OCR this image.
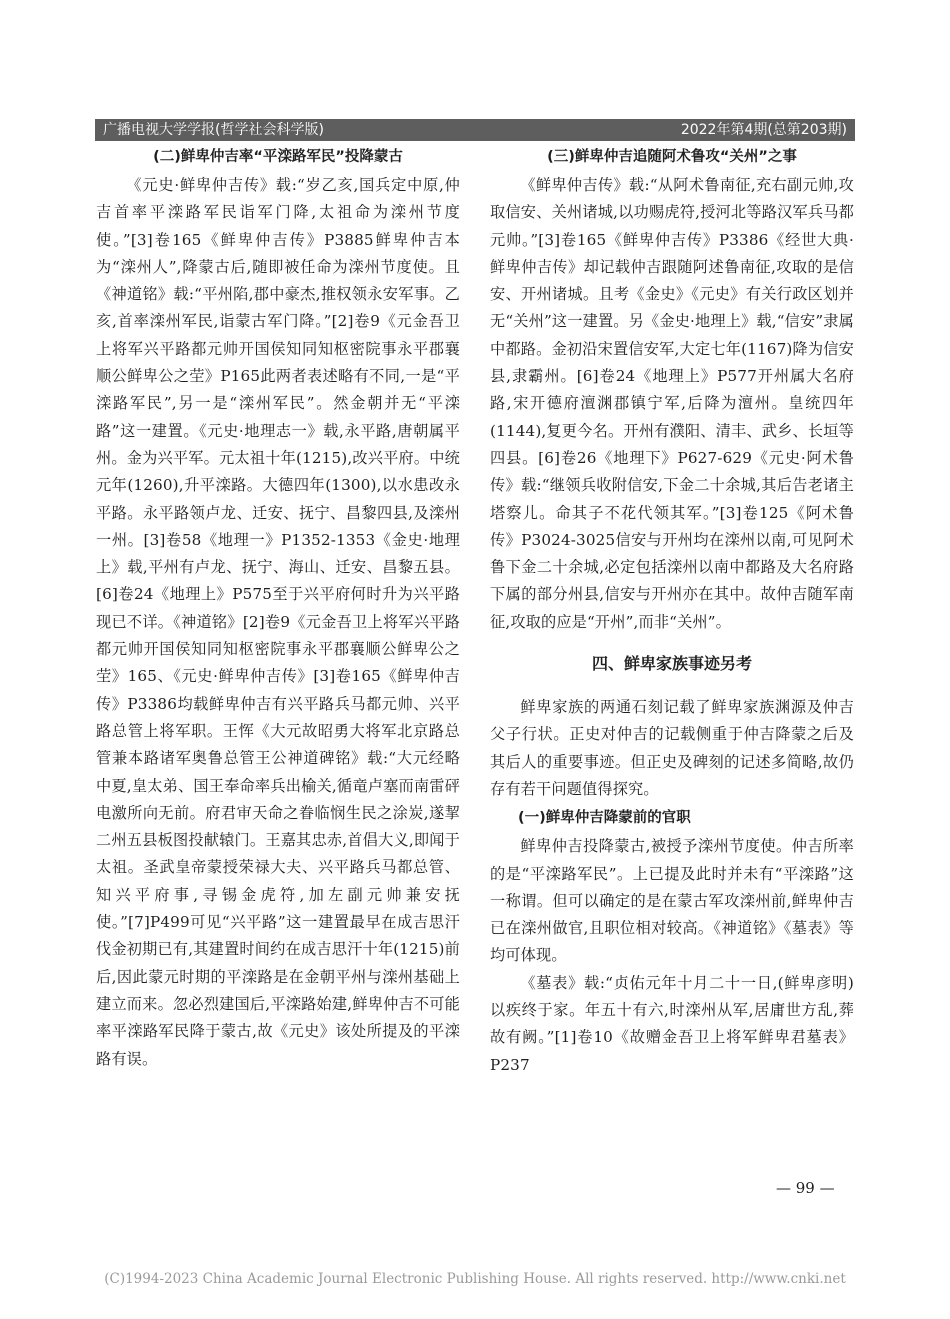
广播电视大学学报(哲学社会科学版)	2022年第4期(总第203期)
(二)鲜卑仲吉率“平滦路军民”投降蒙古

《元史·鲜卑仲吉传》载:“岁乙亥,国兵定中原,仲吉首率平滦路军民诣军门降,太祖命为滦州节度使。”[3]卷165《鲜卑仲吉传》P3885鲜卑仲吉本为“滦州人”,降蒙古后,随即被任命为滦州节度使。且《神道铭》载:“平州陷,郡中豪杰,推权领永安军事。乙亥,首率滦州军民,诣蒙古军门降。”[2]卷9《元金吾卫上将军兴平路都元帅开国侯知同知枢密院事永平郡襄顺公鲜卑公之茔》P165此两者表述略有不同,一是“平滦路军民”,另一是“滦州军民”。然金朝并无“平滦路”这一建置。《元史·地理志一》载,永平路,唐朝属平州。金为兴平军。元太祖十年(1215),改兴平府。中统元年(1260),升平滦路。大德四年(1300),以水患改永平路。永平路领卢龙、迁安、抚宁、昌黎四县,及滦州一州。[3]卷58《地理一》P1352-1353《金史·地理上》载,平州有卢龙、抚宁、海山、迁安、昌黎五县。[6]卷24《地理上》P575至于兴平府何时升为兴平路现已不详。《神道铭》[2]卷9《元金吾卫上将军兴平路都元帅开国侯知同知枢密院事永平郡襄顺公鲜卑公之茔》165、《元史·鲜卑仲吉传》[3]卷165《鲜卑仲吉传》P3386均载鲜卑仲吉有兴平路兵马都元帅、兴平路总管上将军职。王恽《大元故昭勇大将军北京路总管兼本路诸军奥鲁总管王公神道碑铭》载:“大元经略中夏,皇太弟、国王奉命率兵出榆关,循竜卢塞而南雷砰电激所向无前。府君审天命之眷临悯生民之涂炭,遂挈二州五县板图投献辕门。王嘉其忠赤,首倡大义,即闻于太祖。圣武皇帝蒙授荣禄大夫、兴平路兵马都总管、知兴平府事,寻锡金虎符,加左副元帅兼安抚使。”[7]P499可见“兴平路”这一建置最早在成吉思汗伐金初期已有,其建置时间约在成吉思汗十年(1215)前后,因此蒙元时期的平滦路是在金朝平州与滦州基础上建立而来。忽必烈建国后,平滦路始建,鲜卑仲吉不可能率平滦路军民降于蒙古,故《元史》该处所提及的平滦路有误。

(三)鲜卑仲吉追随阿术鲁攻“关州”之事

《鲜卑仲吉传》载:“从阿术鲁南征,充右副元帅,攻取信安、关州诸城,以功赐虎符,授河北等路汉军兵马都元帅。”[3]卷165《鲜卑仲吉传》P3386《经世大典·鲜卑仲吉传》却记载仲吉跟随阿述鲁南征,攻取的是信安、开州诸城。且考《金史》《元史》有关行政区划并无“关州”这一建置。另《金史·地理上》载,“信安”隶属中都路。金初沿宋置信安军,大定七年(1167)降为信安县,隶霸州。[6]卷24《地理上》P577开州属大名府路,宋开德府澶渊郡镇宁军,后降为澶州。皇统四年(1144),复更今名。开州有濮阳、清丰、武乡、长垣等四县。[6]卷26《地理下》P627-629《元史·阿术鲁传》载:“继领兵收附信安,下金二十余城,其后告老诸主塔察儿。命其子不花代领其军。”[3]卷125《阿术鲁传》P3024-3025信安与开州均在滦州以南,可见阿术鲁下金二十余城,必定包括滦州以南中都路及大名府路下属的部分州县,信安与开州亦在其中。故仲吉随军南征,攻取的应是“开州”,而非“关州”。

四、鲜卑家族事迹另考

鲜卑家族的两通石刻记载了鲜卑家族渊源及仲吉父子行状。正史对仲吉的记载侧重于仲吉降蒙之后及其后人的重要事迹。但正史及碑刻的记述多简略,故仍存有若干问题值得探究。

(一)鲜卑仲吉降蒙前的官职

鲜卑仲吉投降蒙古,被授予滦州节度使。仲吉所率的是“平滦路军民”。上已提及此时并未有“平滦路”这一称谓。但可以确定的是在蒙古军攻滦州前,鲜卑仲吉已在滦州做官,且职位相对较高。《神道铭》《墓表》等均可体现。

《墓表》载:“贞佑元年十月二十一日,(鲜卑彦明)以疾终于家。年五十有六,时滦州从军,居庸世方乱,葬故有阙。”[1]卷10《故赠金吾卫上将军鲜卑君墓表》P237

— 99 —
(C)1994-2023 China Academic Journal Electronic Publishing House. All rights reserved. http://www.cnki.net
